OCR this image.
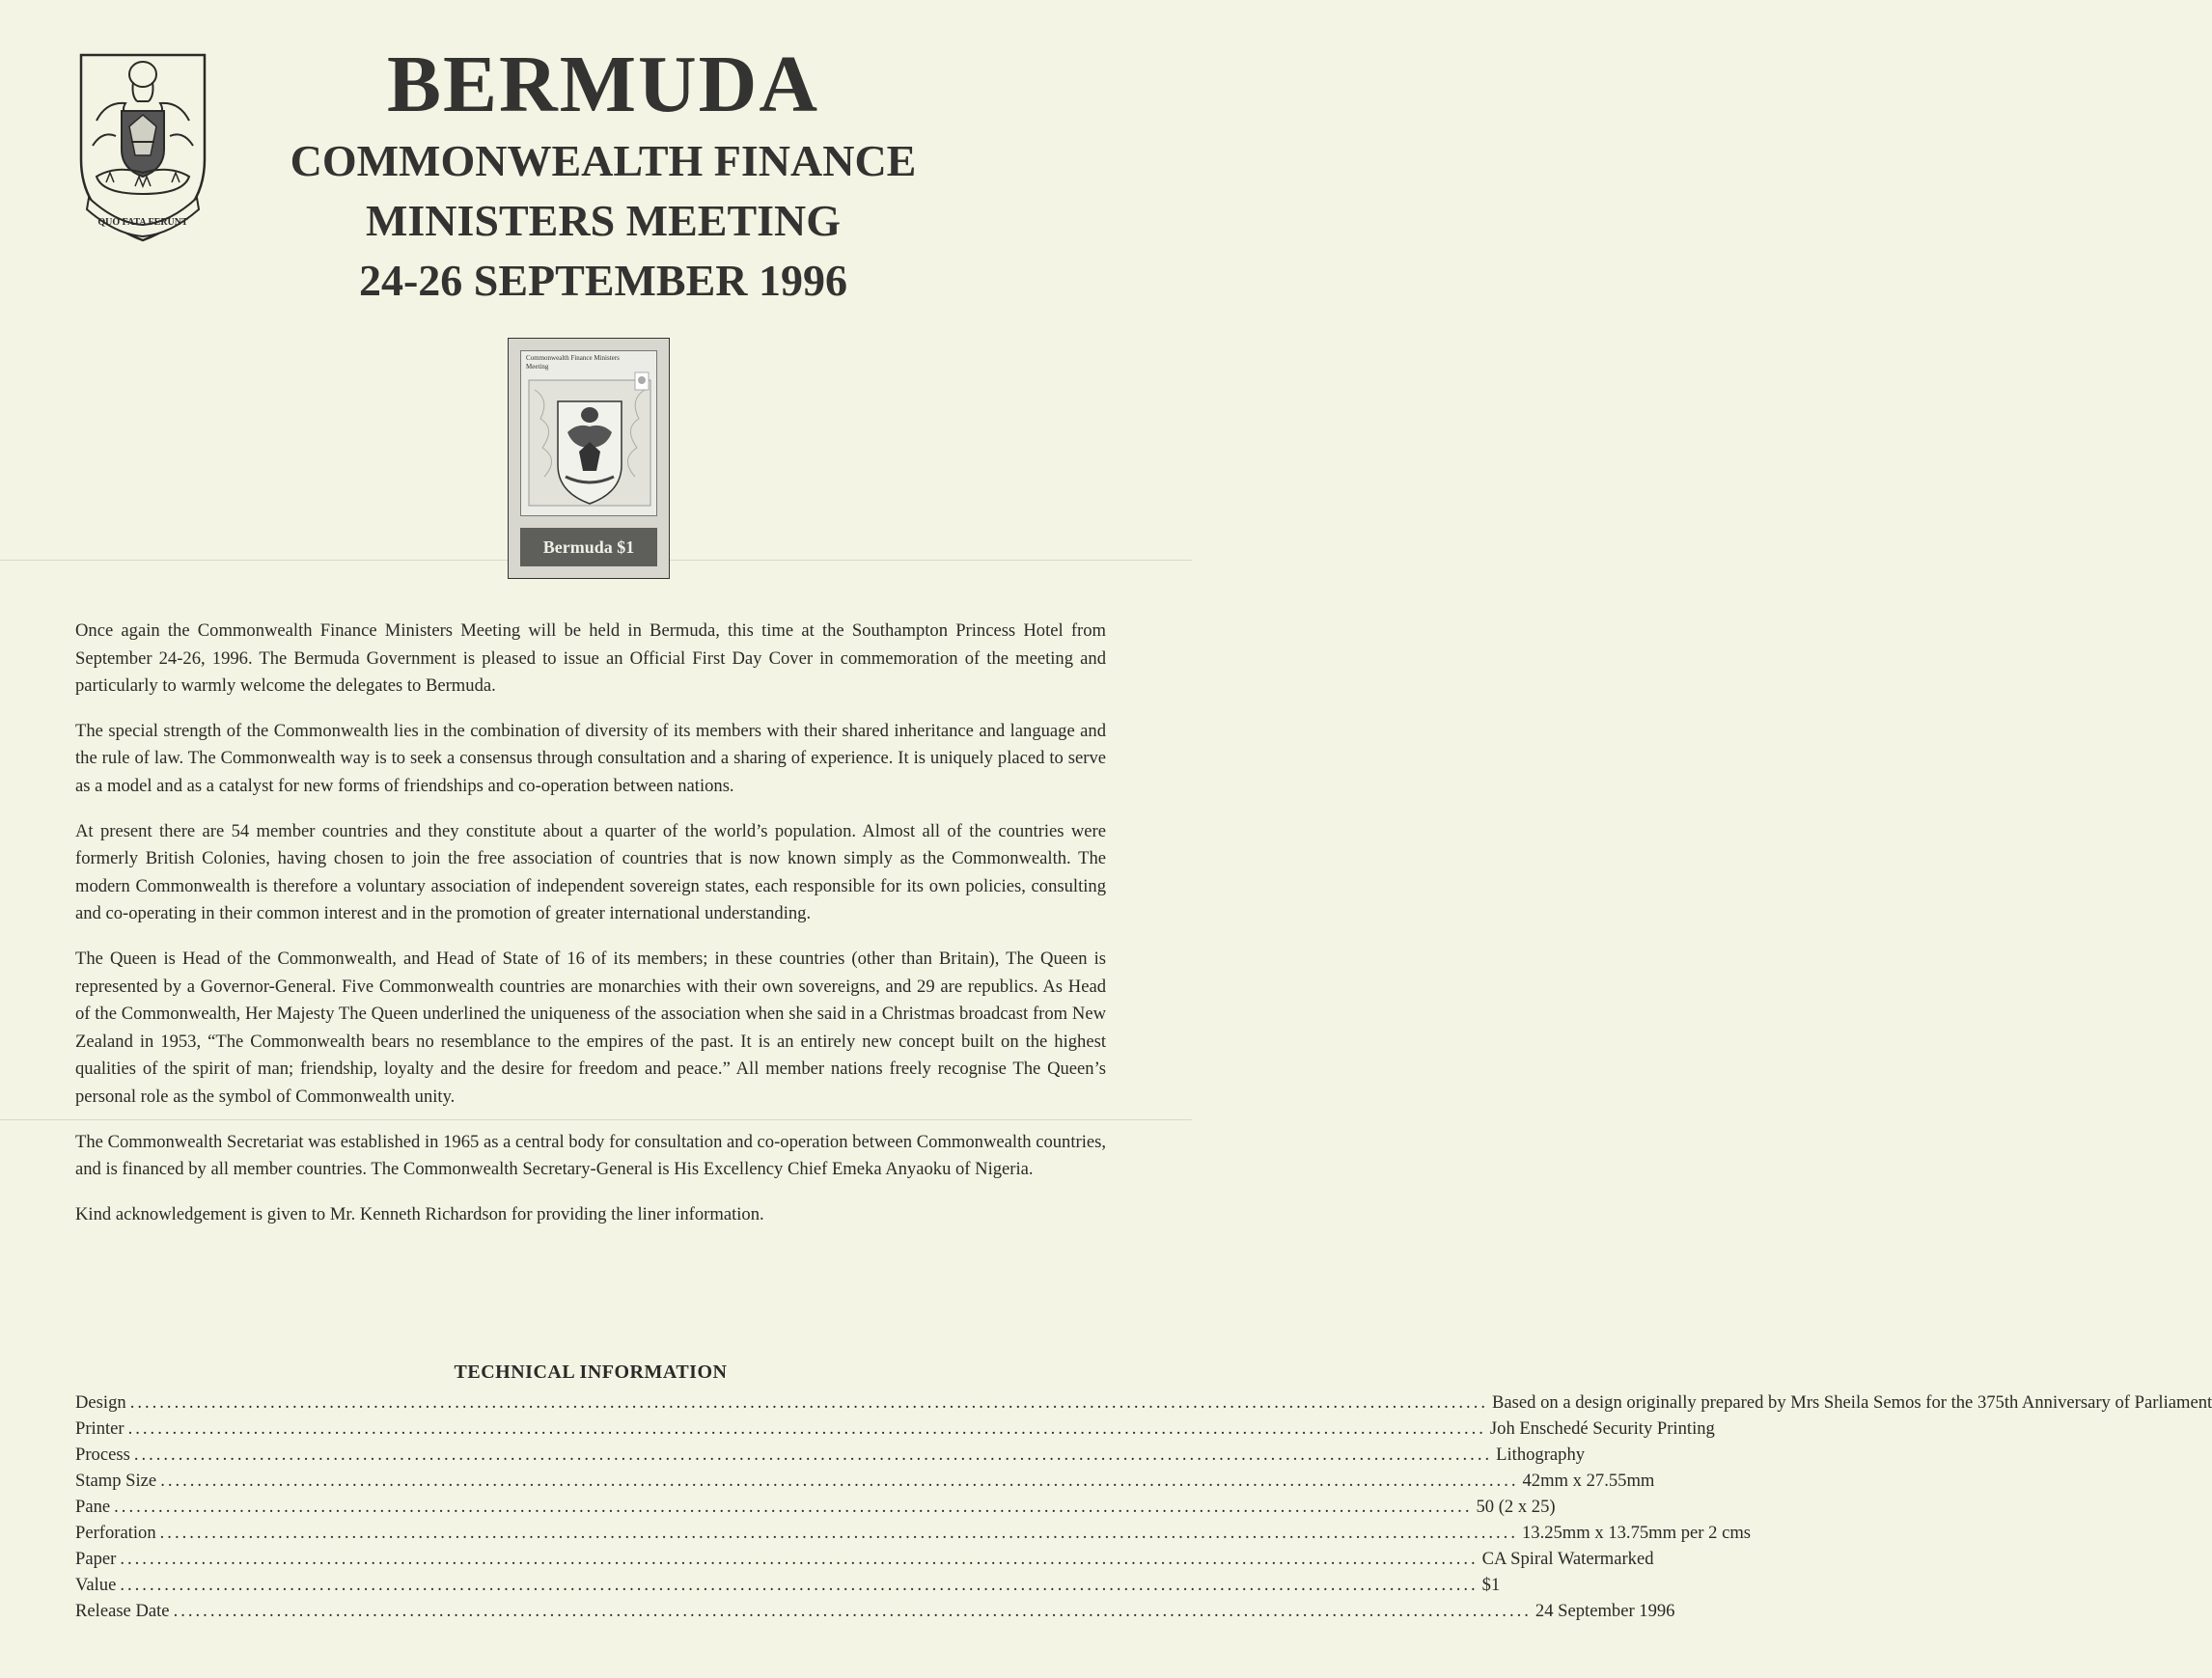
QUO FATA FERUNT
BERMUDA
COMMONWEALTH FINANCE
MINISTERS MEETING
24-26 SEPTEMBER 1996
Commonwealth Finance Ministers Meeting
Bermuda $1

Once again the Commonwealth Finance Ministers Meeting will be held in Bermuda, this time at the Southampton Princess Hotel from September 24-26, 1996. The Bermuda Government is pleased to issue an Official First Day Cover in commemoration of the meeting and particularly to warmly welcome the delegates to Bermuda.

The special strength of the Commonwealth lies in the combination of diversity of its members with their shared inheritance and language and the rule of law. The Commonwealth way is to seek a consensus through consultation and a sharing of experience. It is uniquely placed to serve as a model and as a catalyst for new forms of friendships and co-operation between nations.

At present there are 54 member countries and they constitute about a quarter of the world’s population. Almost all of the countries were formerly British Colonies, having chosen to join the free association of countries that is now known simply as the Commonwealth. The modern Commonwealth is therefore a voluntary association of independent sovereign states, each responsible for its own policies, consulting and co-operating in their common interest and in the promotion of greater international understanding.

The Queen is Head of the Commonwealth, and Head of State of 16 of its members; in these countries (other than Britain), The Queen is represented by a Governor-General. Five Commonwealth countries are monarchies with their own sovereigns, and 29 are republics. As Head of the Commonwealth, Her Majesty The Queen underlined the uniqueness of the association when she said in a Christmas broadcast from New Zealand in 1953, “The Commonwealth bears no resemblance to the empires of the past. It is an entirely new concept built on the highest qualities of the spirit of man; friendship, loyalty and the desire for freedom and peace.” All member nations freely recognise The Queen’s personal role as the symbol of Commonwealth unity.

The Commonwealth Secretariat was established in 1965 as a central body for consultation and co-operation between Commonwealth countries, and is financed by all member countries. The Commonwealth Secretary-General is His Excellency Chief Emeka Anyaoku of Nigeria.

Kind acknowledgement is given to Mr. Kenneth Richardson for providing the liner information.

TECHNICAL INFORMATION
Design ........................................................................................................................................................................................ Based on a design originally prepared by Mrs Sheila Semos for the 375th Anniversary of Parliament
Printer ........................................................................................................................................................................................ Joh Enschedé Security Printing
Process ........................................................................................................................................................................................ Lithography
Stamp Size ........................................................................................................................................................................................ 42mm x 27.55mm
Pane ........................................................................................................................................................................................ 50 (2 x 25)
Perforation ........................................................................................................................................................................................ 13.25mm x 13.75mm per 2 cms
Paper ........................................................................................................................................................................................ CA Spiral Watermarked
Value ........................................................................................................................................................................................ $1
Release Date ........................................................................................................................................................................................ 24 September 1996
